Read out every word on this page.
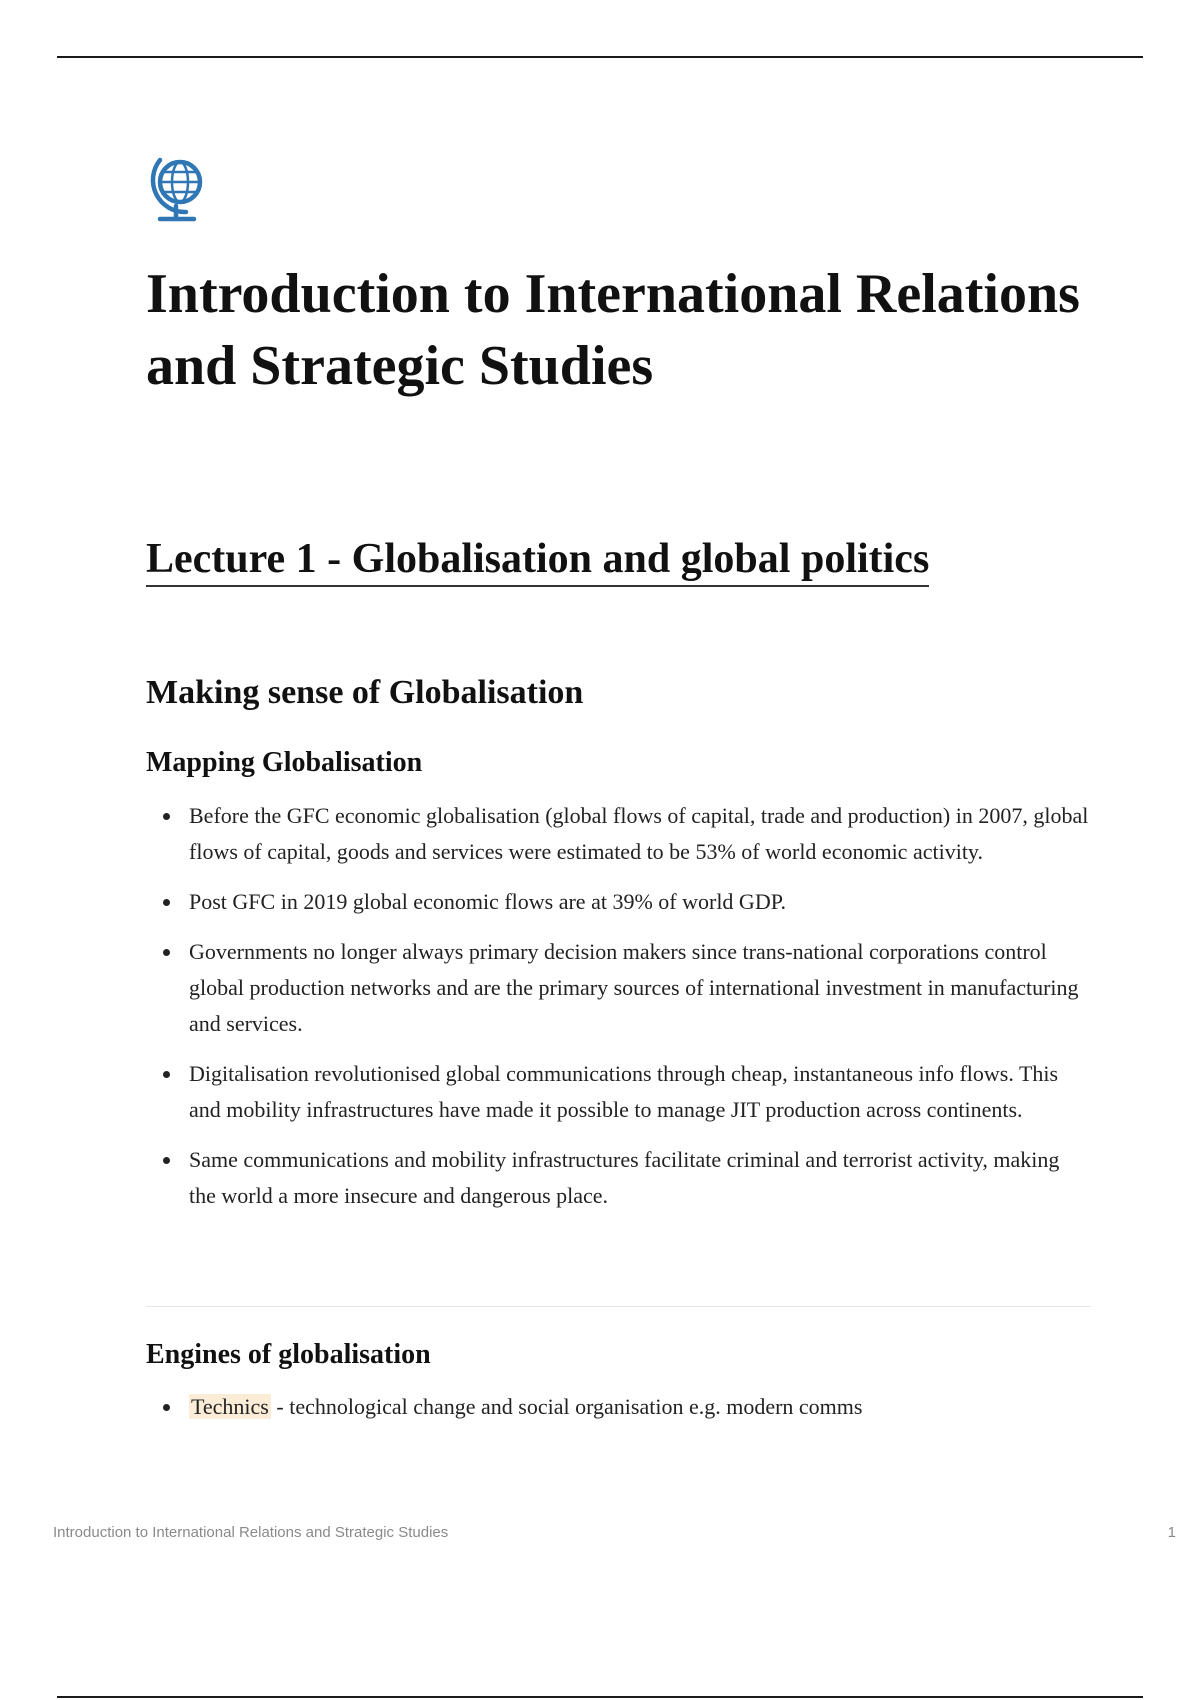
Introduction to International Relations and Strategic Studies
Lecture 1 - Globalisation and global politics
Making sense of Globalisation
Mapping Globalisation
Before the GFC economic globalisation (global flows of capital, trade and production) in 2007, global flows of capital, goods and services were estimated to be 53% of world economic activity.
Post GFC in 2019 global economic flows are at 39% of world GDP.
Governments no longer always primary decision makers since trans-national corporations control global production networks and are the primary sources of international investment in manufacturing and services.
Digitalisation revolutionised global communications through cheap, instantaneous info flows. This and mobility infrastructures have made it possible to manage JIT production across continents.
Same communications and mobility infrastructures facilitate criminal and terrorist activity, making the world a more insecure and dangerous place.
Engines of globalisation
Technics - technological change and social organisation e.g. modern comms
Introduction to International Relations and Strategic Studies	1
